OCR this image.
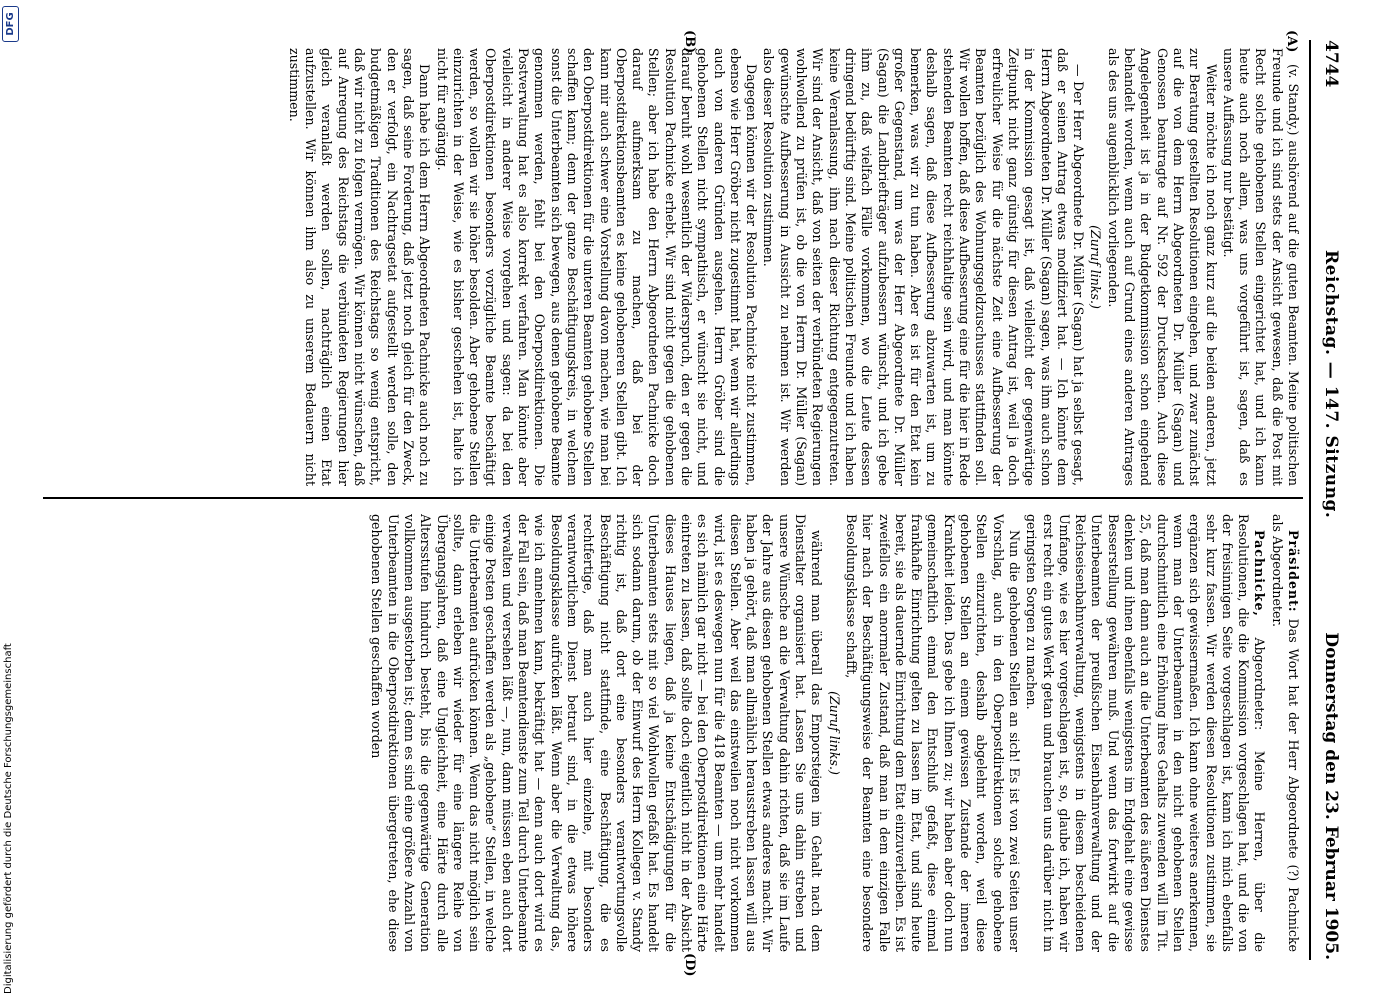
4744
Reichstag. — 147. Sitzung.
Donnerstag den 23. Februar 1905.
(A)
(B)
(D)

(v. Standy.) aushörend auf die guten Beamten. Meine politischen Freunde und ich sind stets der Ansicht gewesen, daß die Post mit Recht solche gehobenen Stellen eingerichtet hat, und ich kann heute auch noch allem, was uns vorgeführt ist, sagen, daß es unsere Auffassung nur bestätigt.

Weiter möchte ich noch ganz kurz auf die beiden anderen, jetzt zur Beratung gestellten Resolutionen eingehen, und zwar zunächst auf die von dem Herrn Abgeordneten Dr. Müller (Sagan) und Genossen beantragte auf Nr. 592 der Drucksachen. Auch diese Angelegenheit ist ja in der Budgetkommission schon eingehend behandelt worden, wenn auch auf Grund eines anderen Antrages als des uns augenblicklich vorliegenden.

(Zuruf links.)

— Der Herr Abgeordnete Dr. Müller (Sagan) hat ja selbst gesagt, daß er seinen Antrag etwas modifiziert hat. — Ich könnte dem Herrn Abgeordneten Dr. Müller (Sagan) sagen, was ihm auch schon in der Kommission gesagt ist, daß vielleicht der gegenwärtige Zeitpunkt nicht ganz günstig für diesen Antrag ist, weil ja doch erfreulicher Weise für die nächste Zeit eine Aufbesserung der Beamten bezüglich des Wohnungsgeldzuschusses stattfinden soll. Wir wollen hoffen, daß diese Aufbesserung eine für die hier in Rede stehenden Beamten recht reichhaltige sein wird, und man könnte deshalb sagen, daß diese Aufbesserung abzuwarten ist, um zu bemerken, was wir zu tun haben. Aber es ist für den Etat kein großer Gegenstand, um was der Herr Abgeordnete Dr. Müller (Sagan) die Landbriefträger aufzubessern wünscht, und ich gebe ihm zu, daß vielfach Fälle vorkommen, wo die Leute dessen dringend bedürftig sind. Meine politischen Freunde und ich haben keine Veranlassung, ihm nach dieser Richtung entgegenzutreten. Wir sind der Ansicht, daß von seiten der verbündeten Regierungen wohlwollend zu prüfen ist, ob die von Herrn Dr. Müller (Sagan) gewünschte Aufbesserung in Aussicht zu nehmen ist. Wir werden also dieser Resolution zustimmen.

Dagegen können wir der Resolution Pachnicke nicht zustimmen, ebenso wie Herr Gröber nicht zugestimmt hat, wenn wir allerdings auch von anderen Gründen ausgehen. Herrn Gröber sind die gehobenen Stellen nicht sympathisch, er wünscht sie nicht, und darauf beruht wohl wesentlich der Widerspruch, den er gegen die Resolution Pachnicke erhebt. Wir sind nicht gegen die gehobenen Stellen; aber ich habe den Herrn Abgeordneten Pachnicke doch darauf aufmerksam zu machen, daß bei der Oberpostdirektionsbeamten es keine gehobeneren Stellen gibt. Ich kann mir auch schwer eine Vorstellung davon machen, wie man bei den Oberpostdirektionen für die unteren Beamten gehobene Stellen schaffen kann; denn der ganze Beschäftigungskreis, in welchem sonst die Unterbeamten sich bewegen, aus denen gehobene Beamte genommen werden, fehlt bei den Oberpostdirektionen. Die Postverwaltung hat es also korrekt verfahren. Man könnte aber vielleicht in anderer Weise vorgehen und sagen: da bei den Oberpostdirektionen besonders vorzügliche Beamte beschäftigt werden, so wollen wir sie höher besolden. Aber gehobene Stellen einzurichten in der Weise, wie es bisher geschehen ist, halte ich nicht für angängig.

Dann habe ich dem Herrn Abgeordneten Pachnicke auch noch zu sagen, daß seine Forderung, daß jetzt noch gleich für den Zweck, den er verfolgt, ein Nachtragsetat aufgestellt werden solle, den budgetmäßigen Traditionen des Reichstags so wenig entspricht, daß wir nicht zu folgen vermögen. Wir können nicht wünschen, daß auf Anregung des Reichstags die verbündeten Regierungen hier gleich veranlaßt werden sollen, nachträglich einen Etat aufzustellen. Wir können ihm also zu unserem Bedauern nicht zustimmen.

Präsident: Das Wort hat der Herr Abgeordnete (?) Pachnicke als Abgeordneter.

Pachnicke, Abgeordneter: Meine Herren, über die Resolutionen, die die Kommission vorgeschlagen hat, und die von der freisinnigen Seite vorgeschlagen ist, kann ich mich ebenfalls sehr kurz fassen. Wir werden diesen Resolutionen zustimmen, sie ergänzen sich gewissermaßen. Ich kann ohne weiteres anerkennen, wenn man der Unterbeamten in den nicht gehobenen Stellen durchschnittlich eine Erhöhung ihres Gehalts zuwenden will im Tit. 25, daß man dann auch an die Unterbeamten des äußeren Dienstes denken und ihnen ebenfalls wenigstens im Endgehalt eine gewisse Besserstellung gewähren muß. Und wenn das fortwirkt auf die Unterbeamten der preußischen Eisenbahnverwaltung und der Reichseisenbahnverwaltung, wenigstens in diesem bescheidenen Umfange, wie es hier vorgeschlagen ist, so, glaube ich, haben wir erst recht ein gutes Werk getan und brauchen uns darüber nicht im geringsten Sorgen zu machen.

Nun die gehobenen Stellen an sich! Es ist von zwei Seiten unser Vorschlag, auch in den Oberpostdirektionen solche gehobene Stellen einzurichten, deshalb abgelehnt worden, weil diese gehobenen Stellen an einem gewissen Zustande der inneren Krankheit leiden. Das gebe ich Ihnen zu; wir haben aber doch nun gemeinschaftlich einmal den Entschluß gefaßt, diese einmal frankhafte Einrichtung gelten zu lassen im Etat, und sind heute bereit, sie als dauernde Einrichtung dem Etat einzuverleiben. Es ist zweifellos ein anormaler Zustand, daß man in dem einzigen Falle hier nach der Beschäftigungsweise der Beamten eine besondere Besoldungsklasse schafft,

(Zuruf links.)

während man überall das Emporsteigen im Gehalt nach dem Dienstalter organisiert hat. Lassen Sie uns dahin streben und unsere Wünsche an die Verwaltung dahin richten, daß sie im Laufe der Jahre aus diesen gehobenen Stellen etwas anderes macht. Wir haben ja gehört, daß man allmählich herausstreben lassen will aus diesen Stellen. Aber weil das einstweilen noch nicht vorkommen wird, ist es deswegen nun für die 418 Beamten — um mehr handelt es sich nämlich gar nicht — bei den Oberpostdirektionen eine Härte eintreten zu lassen, daß sollte doch eigentlich nicht in der Absicht dieses Hauses liegen, daß ja keine Entschädigungen für die Unterbeamten stets mit so viel Wohlwollen gefaßt hat. Es handelt sich sodann darum, ob der Einwurf des Herrn Kollegen v. Standy richtig ist, daß dort eine besonders verantwortungsvolle Beschäftigung nicht stattfinde, eine Beschäftigung, die es rechtfertige, daß man auch hier einzelne, mit besonders verantwortlichem Dienst betraut sind, in die etwas höhere Besoldungsklasse aufrücken läßt. Wenn aber die Verwaltung das, wie ich annehmen kann, bekräftigt hat — denn auch dort wird es der Fall sein, daß man Beamtendienste zum Teil durch Unterbeamte verwalten und versehen läßt —, nun, dann müssen eben auch dort einige Posten geschaffen werden als „gehobene“ Stellen, in welche die Unterbeamten aufrücken können. Wenn das nicht möglich sein sollte, dann erleben wir wieder für eine längere Reihe von Übergangsjahren, daß eine Ungleichheit, eine Härte durch alle Altersstufen hindurch besteht, bis die gegenwärtige Generation vollkommen ausgestorben ist; denn es sind eine größere Anzahl von Unterbeamten in die Oberpostdirektionen übergetreten, ehe diese gehobenen Stellen geschaffen worden

Digitalisierung gefördert durch die Deutsche Forschungsgemeinschaft
DFG
